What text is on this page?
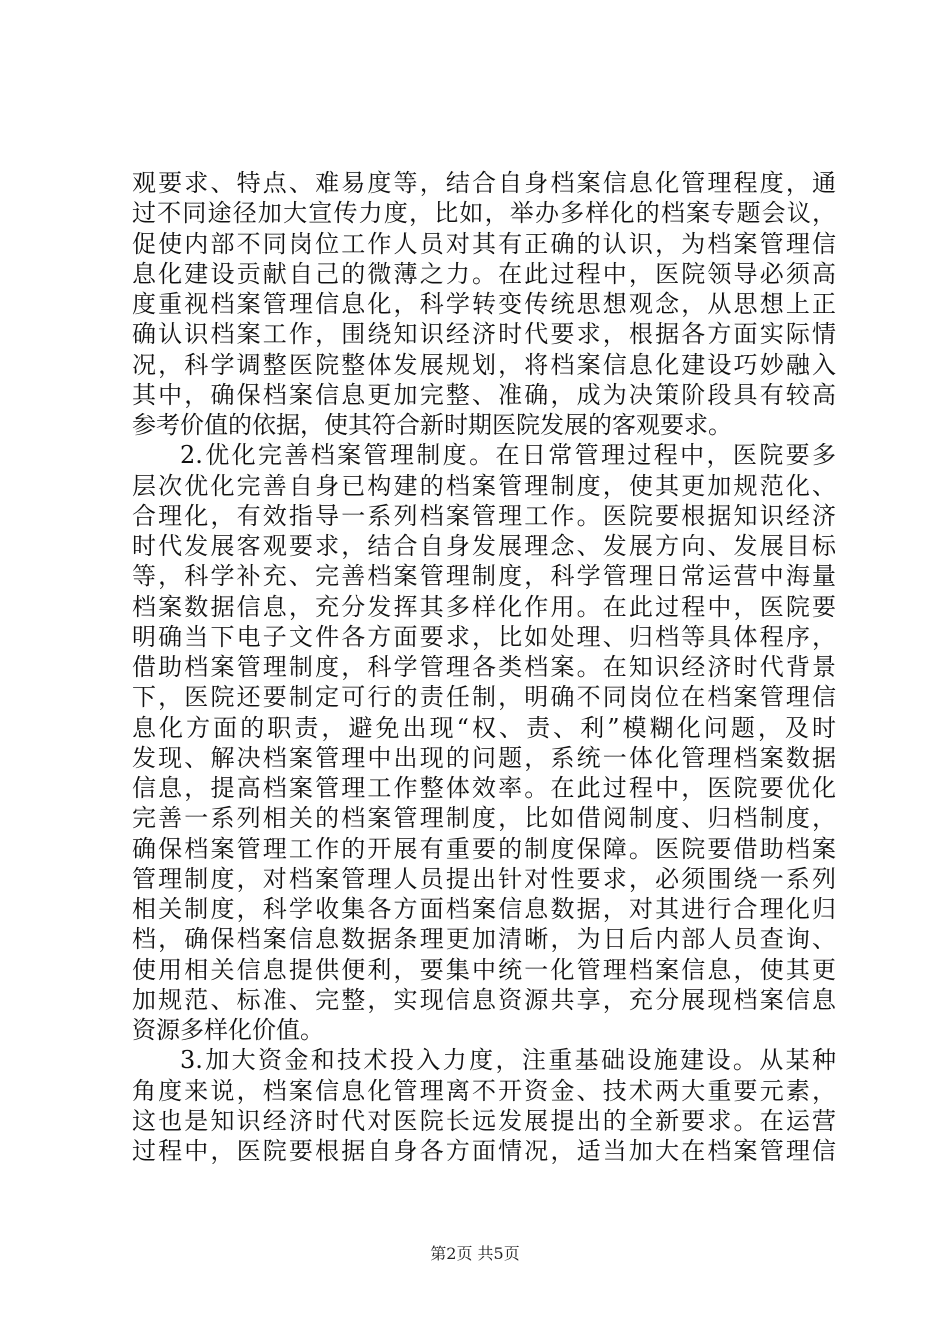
观要求、特点、难易度等，结合自身档案信息化管理程度，通
过不同途径加大宣传力度，比如，举办多样化的档案专题会议，
促使内部不同岗位工作人员对其有正确的认识，为档案管理信
息化建设贡献自己的微薄之力。在此过程中，医院领导必须高
度重视档案管理信息化，科学转变传统思想观念，从思想上正
确认识档案工作，围绕知识经济时代要求，根据各方面实际情
况，科学调整医院整体发展规划，将档案信息化建设巧妙融入
其中，确保档案信息更加完整、准确，成为决策阶段具有较高
参考价值的依据，使其符合新时期医院发展的客观要求。
2.优化完善档案管理制度。在日常管理过程中，医院要多
层次优化完善自身已构建的档案管理制度，使其更加规范化、
合理化，有效指导一系列档案管理工作。医院要根据知识经济
时代发展客观要求，结合自身发展理念、发展方向、发展目标
等，科学补充、完善档案管理制度，科学管理日常运营中海量
档案数据信息，充分发挥其多样化作用。在此过程中，医院要
明确当下电子文件各方面要求，比如处理、归档等具体程序，
借助档案管理制度，科学管理各类档案。在知识经济时代背景
下，医院还要制定可行的责任制，明确不同岗位在档案管理信
息化方面的职责，避免出现“权、责、利”模糊化问题，及时
发现、解决档案管理中出现的问题，系统一体化管理档案数据
信息，提高档案管理工作整体效率。在此过程中，医院要优化
完善一系列相关的档案管理制度，比如借阅制度、归档制度，
确保档案管理工作的开展有重要的制度保障。医院要借助档案
管理制度，对档案管理人员提出针对性要求，必须围绕一系列
相关制度，科学收集各方面档案信息数据，对其进行合理化归
档，确保档案信息数据条理更加清晰，为日后内部人员查询、
使用相关信息提供便利，要集中统一化管理档案信息，使其更
加规范、标准、完整，实现信息资源共享，充分展现档案信息
资源多样化价值。
3.加大资金和技术投入力度，注重基础设施建设。从某种
角度来说，档案信息化管理离不开资金、技术两大重要元素，
这也是知识经济时代对医院长远发展提出的全新要求。在运营
过程中，医院要根据自身各方面情况，适当加大在档案管理信
第2页 共5页
